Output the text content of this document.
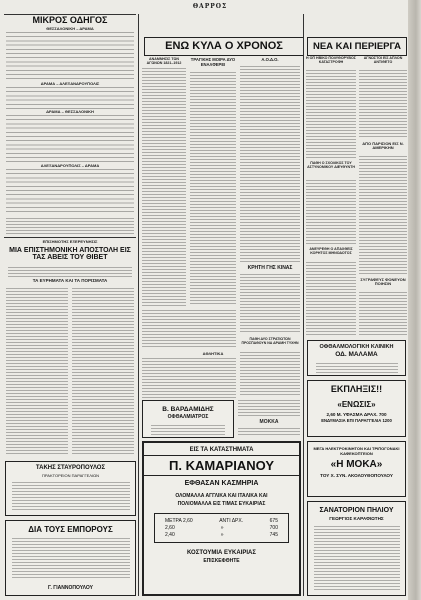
ΘΑΡΡΟΣ
ΜΙΚΡΟΣ ΟΔΗΓΟΣ
ΘΕΣΣΑΛΟΝΙΚΗ – ΔΡΑΜΑ
ΔΡΑΜΑ – ΑΛΕΞΑΝΔΡΟΥΠΟΛΙΣ
ΔΡΑΜΑ – ΘΕΣΣΑΛΟΝΙΚΗ
ΑΛΕΞΑΝΔΡΟΥΠΟΛΙΣ – ΔΡΑΜΑ
ΕΠΙΣΗΜΟΤΗΣ ΕΞΕΡΕΥΝΗΣΙΣ
ΜΙΑ ΕΠΙΣΤΗΜΟΝΙΚΗ ΑΠΟΣΤΟΛΗ ΕΙΣ ΤΑΣ ΑΒΕΙΣ ΤΟΥ ΘΙΒΕΤ
ΤΑ ΕΥΡΗΜΑΤΑ ΚΑΙ ΤΑ ΠΟΡΙΣΜΑΤΑ
ΤΑΚΗΣ ΣΤΑΥΡΟΠΟΥΛΟΣ
ΠΡΑΚΤΟΡΕΙΟΝ ΠΑΡΑΓΓΕΛΙΩΝ
ΔΙΑ ΤΟΥΣ ΕΜΠΟΡΟΥΣ
Γ. ΓΙΑΝΝΟΠΟΥΛΟΥ
ΕΝΩ ΚΥΛΑ Ο ΧΡΟΝΟΣ
ΑΝΑΜΝΗΣΙΣ ΤΩΝ ΑΓΩΝΩΝ 1821–1912
ΤΡΑΓΙΚΗΣ ΜΟΙΡΑ ΔΥΟ ΕΝΑΛΦΕΡΕΙ
Α.Ο.Δ.Ο.
ΚΡΗΤΗ ΓΗΣ ΚΙΝΑΣ
ΠΑΘΗ ΔΥΟ ΣΤΡΑΤΙΩΤΩΝ ΠΡΟΣΠΑΘΟΥΝ ΝΑ ΔΡΑΜΗ ΤΥΧΗΝ
ΑΘΛΗΤΙΚΑ
Β. ΒΑΡΔΑΜΙΔΗΣ
ΟΦΘΑΛΜΙΑΤΡΟΣ
ΜΟΚΚΑ
ΕΙΣ ΤΑ ΚΑΤΑΣΤΗΜΑΤΑ
Π. ΚΑΜΑΡΙΑΝΟΥ
ΕΦΘΑΣΑΝ ΚΑΣΜΗΡΙΑ
ΟΛΟΜΑΛΛΑ ΑΓΓΛΙΚΑ ΚΑΙ ΙΤΑΛΙΚΑ ΚΑΙ
ΠΟΛΙΟΜΑΛΛΑ ΕΙΣ ΤΙΜΑΣ ΕΥΚΑΙΡΙΑΣ
ΜΕΤΡΑ 2,60	ΑΝΤΙ ΔΡΧ.	675
2,60	»	700
2,40	»	745
ΚΟΣΤΟΥΜΙΑ ΕΥΚΑΙΡΙΑΣ
ΕΠΙΣΚΕΦΘΗΤΕ
ΝΕΑ ΚΑΙ ΠΕΡΙΕΡΓΑ
Η ΟΠ ΗΒΙΚΟ ΠΟΛΥΘΟΡΥΒΟΣ ΚΑΤΑΣΤΡΟΦΗ
ΑΓΝΩΣΤΟΙ ΕΙΣ ΑΠΛΟΝ ΑΝΤΙΘΕΤΟ
ΑΠΟ ΠΑΡΙΣΙΟΝ ΕΙΣ Ν. ΑΜΕΡΙΚΗΝ
ΠΑΘΗ Ο ΣΧΟΛΙΚΟΣ ΤΟΥ ΑΣΤΥΝΟΜΙΚΟΥ ΔΙΕΥΘΥΝΤΗ
ΑΝΕΥΡΕΘΗ Ο ΑΠΑΧΘΕΙΣ ΚΟΡΗΤΟΣ ΜΗΝΟΔΟΤΟΣ
ΣΥΓΡΑΦΕΥΣ ΦΟΝΕΥΟΝ ΠΟΙΗΣΙΝ
ΟΦΘΑΛΜΟΛΟΓΙΚΗ ΚΛΙΝΙΚΗ
ΟΔ. ΜΑΛΑΜΑ
ΕΚΠΛΗΞΙΣ!!
«ΕΝΩΣΙΣ»
2,60 Μ. ΥΦΑΣΜΑ ΔΡΑΧ. 700
ΕΝΔΥΜΑΣΙΑ ΕΠΙ ΠΑΡΑΓΓΕΛΙΑ 1200
ΜΕΓΑ ΗΛΕΚΤΡΟΚΙΝΗΤΟΝ ΚΑΙ ΤΡΙΠΟΓΟΝΑΚΙ ΚΑΦΕΚΟΠΤΕΙΟΝ
«Η ΜΟΚΑ»
ΤΟΥ Χ. ΣΥΝ. ΑΚΟΛΟΥΘΟΠΟΥΛΟΥ
ΣΑΝΑΤΟΡΙΟΝ ΠΗΛΙΟΥ
ΓΕΩΡΓΙΟΣ ΚΑΡΑΦΙΩΤΗΣ
